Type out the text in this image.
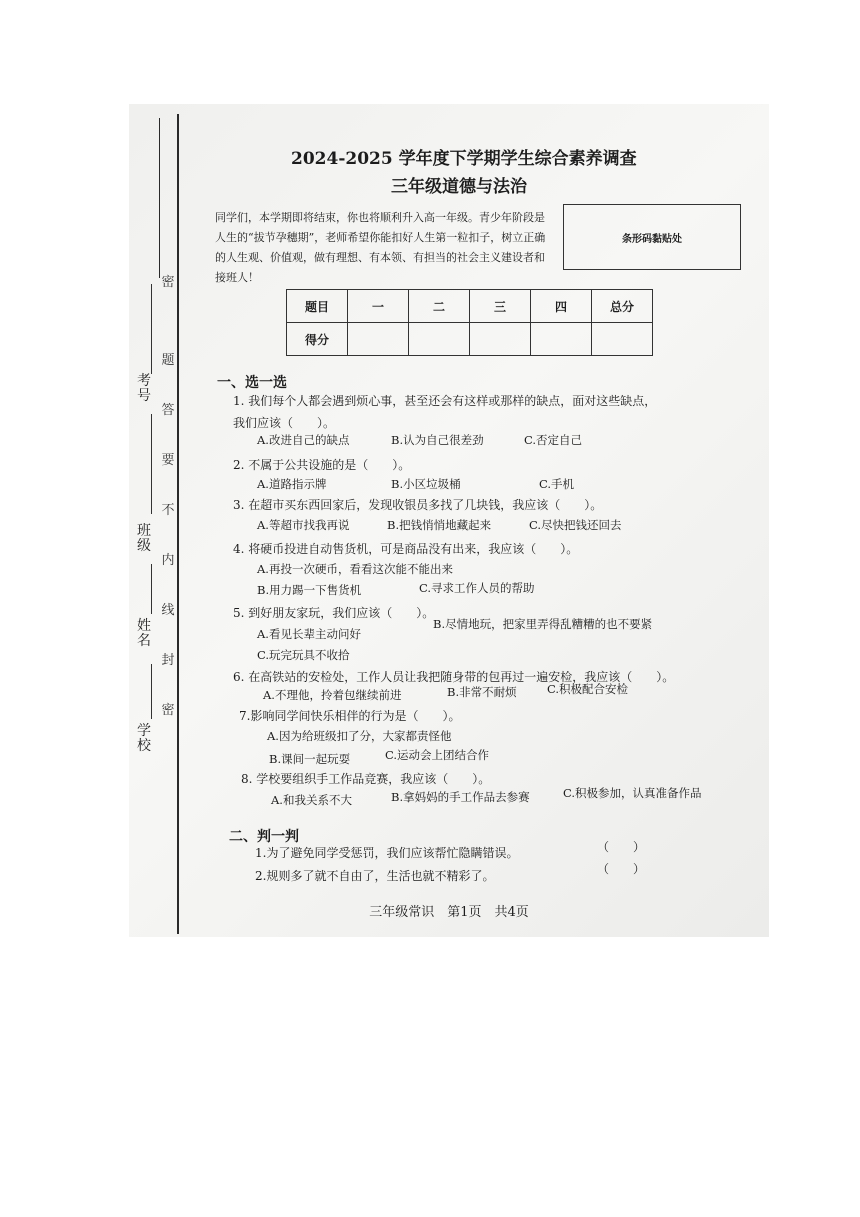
密
题
答
要
不
内
线
封
密
考号
班级
姓名
学校
2024-2025 学年度下学期学生综合素养调查
三年级道德与法治
同学们，本学期即将结束，你也将顺利升入高一年级。青少年阶段是人生的“拔节孕穗期”，老师希望你能扣好人生第一粒扣子，树立正确的人生观、价值观，做有理想、有本领、有担当的社会主义建设者和接班人！
条形码黏贴处
题目	一	二	三	四	总分
得分					
一、选一选
1. 我们每个人都会遇到烦心事，甚至还会有这样或那样的缺点，面对这些缺点，
我们应该（　　）。
A.改进自己的缺点	B.认为自己很差劲	C.否定自己
2. 不属于公共设施的是（　　）。
A.道路指示牌	B.小区垃圾桶	C.手机
3. 在超市买东西回家后，发现收银员多找了几块钱，我应该（　　）。
A.等超市找我再说	B.把钱悄悄地藏起来	C.尽快把钱还回去
4. 将硬币投进自动售货机，可是商品没有出来，我应该（　　）。
A.再投一次硬币，看看这次能不能出来
B.用力踢一下售货机	C.寻求工作人员的帮助
5. 到好朋友家玩，我们应该（　　）。
A.看见长辈主动问好
B.尽情地玩，把家里弄得乱糟糟的也不要紧
C.玩完玩具不收拾
6. 在高铁站的安检处，工作人员让我把随身带的包再过一遍安检，我应该（　　）。
A.不理他，拎着包继续前进	B.非常不耐烦	C.积极配合安检
7.影响同学间快乐相伴的行为是（　　）。
A.因为给班级扣了分，大家都责怪他
B.课间一起玩耍	C.运动会上团结合作
8. 学校要组织手工作品竞赛，我应该（　　）。
A.和我关系不大	B.拿妈妈的手工作品去参赛	C.积极参加，认真准备作品
二、判一判
1.为了避免同学受惩罚，我们应该帮忙隐瞒错误。	（　　）
2.规则多了就不自由了，生活也就不精彩了。	（　　）
三年级常识　第1页　共4页
